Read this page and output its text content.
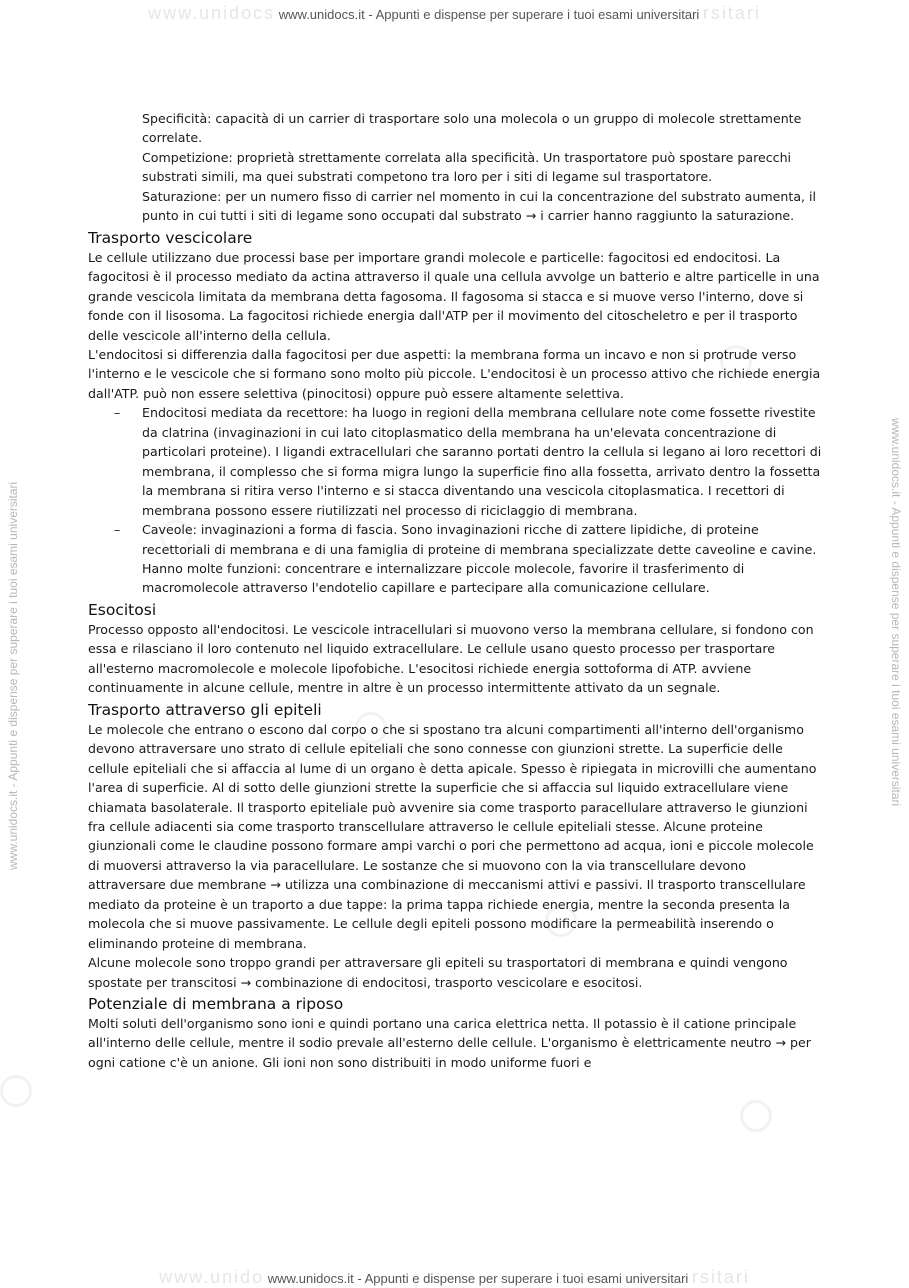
www.unidocs www.unidocs.it - Appunti e dispense per superare i tuoi esami universitari rsitari
www.unidocs.it - Appunti e dispense per superare i tuoi esami universitari	www.unidocs.it - Appunti e dispense per superare i tuoi esami universitari

Specificità: capacità di un carrier di trasportare solo una molecola o un gruppo di molecole strettamente correlate.

Competizione: proprietà strettamente correlata alla specificità. Un trasportatore può spostare parecchi substrati simili, ma quei substrati competono tra loro per i siti di legame sul trasportatore.

Saturazione: per un numero fisso di carrier nel momento in cui la concentrazione del substrato aumenta, il punto in cui tutti i siti di legame sono occupati dal substrato → i carrier hanno raggiunto la saturazione.

Trasporto vescicolare

Le cellule utilizzano due processi base per importare grandi molecole e particelle: fagocitosi ed endocitosi. La fagocitosi è il processo mediato da actina attraverso il quale una cellula avvolge un batterio e altre particelle in una grande vescicola limitata da membrana detta fagosoma. Il fagosoma si stacca e si muove verso l'interno, dove si fonde con il lisosoma. La fagocitosi richiede energia dall'ATP per il movimento del citoscheletro e per il trasporto delle vescicole all'interno della cellula.

L'endocitosi si differenzia dalla fagocitosi per due aspetti: la membrana forma un incavo e non si protrude verso l'interno e le vescicole che si formano sono molto più piccole. L'endocitosi è un processo attivo che richiede energia dall'ATP. può non essere selettiva (pinocitosi) oppure può essere altamente selettiva.

– Endocitosi mediata da recettore: ha luogo in regioni della membrana cellulare note come fossette rivestite da clatrina (invaginazioni in cui lato citoplasmatico della membrana ha un'elevata concentrazione di particolari proteine). I ligandi extracellulari che saranno portati dentro la cellula si legano ai loro recettori di membrana, il complesso che si forma migra lungo la superficie fino alla fossetta, arrivato dentro la fossetta la membrana si ritira verso l'interno e si stacca diventando una vescicola citoplasmatica. I recettori di membrana possono essere riutilizzati nel processo di riciclaggio di membrana.
– Caveole: invaginazioni a forma di fascia. Sono invaginazioni ricche di zattere lipidiche, di proteine recettoriali di membrana e di una famiglia di proteine di membrana specializzate dette caveoline e cavine. Hanno molte funzioni: concentrare e internalizzare piccole molecole, favorire il trasferimento di macromolecole attraverso l'endotelio capillare e partecipare alla comunicazione cellulare.
Esocitosi

Processo opposto all'endocitosi. Le vescicole intracellulari si muovono verso la membrana cellulare, si fondono con essa e rilasciano il loro contenuto nel liquido extracellulare. Le cellule usano questo processo per trasportare all'esterno macromolecole e molecole lipofobiche. L'esocitosi richiede energia sottoforma di ATP. avviene continuamente in alcune cellule, mentre in altre è un processo intermittente attivato da un segnale.

Trasporto attraverso gli epiteli

Le molecole che entrano o escono dal corpo o che si spostano tra alcuni compartimenti all'interno dell'organismo devono attraversare uno strato di cellule epiteliali che sono connesse con giunzioni strette. La superficie delle cellule epiteliali che si affaccia al lume di un organo è detta apicale. Spesso è ripiegata in microvilli che aumentano l'area di superficie. Al di sotto delle giunzioni strette la superficie che si affaccia sul liquido extracellulare viene chiamata basolaterale. Il trasporto epiteliale può avvenire sia come trasporto paracellulare attraverso le giunzioni fra cellule adiacenti sia come trasporto transcellulare attraverso le cellule epiteliali stesse. Alcune proteine giunzionali come le claudine possono formare ampi varchi o pori che permettono ad acqua, ioni e piccole molecole di muoversi attraverso la via paracellulare. Le sostanze che si muovono con la via transcellulare devono attraversare due membrane → utilizza una combinazione di meccanismi attivi e passivi. Il trasporto transcellulare mediato da proteine è un traporto a due tappe: la prima tappa richiede energia, mentre la seconda presenta la molecola che si muove passivamente. Le cellule degli epiteli possono modificare la permeabilità inserendo o eliminando proteine di membrana.

Alcune molecole sono troppo grandi per attraversare gli epiteli su trasportatori di membrana e quindi vengono spostate per transcitosi → combinazione di endocitosi, trasporto vescicolare e esocitosi.

Potenziale di membrana a riposo

Molti soluti dell'organismo sono ioni e quindi portano una carica elettrica netta. Il potassio è il catione principale all'interno delle cellule, mentre il sodio prevale all'esterno delle cellule. L'organismo è elettricamente neutro → per ogni catione c'è un anione. Gli ioni non sono distribuiti in modo uniforme fuori e

www.unido www.unidocs.it - Appunti e dispense per superare i tuoi esami universitari rsitari
